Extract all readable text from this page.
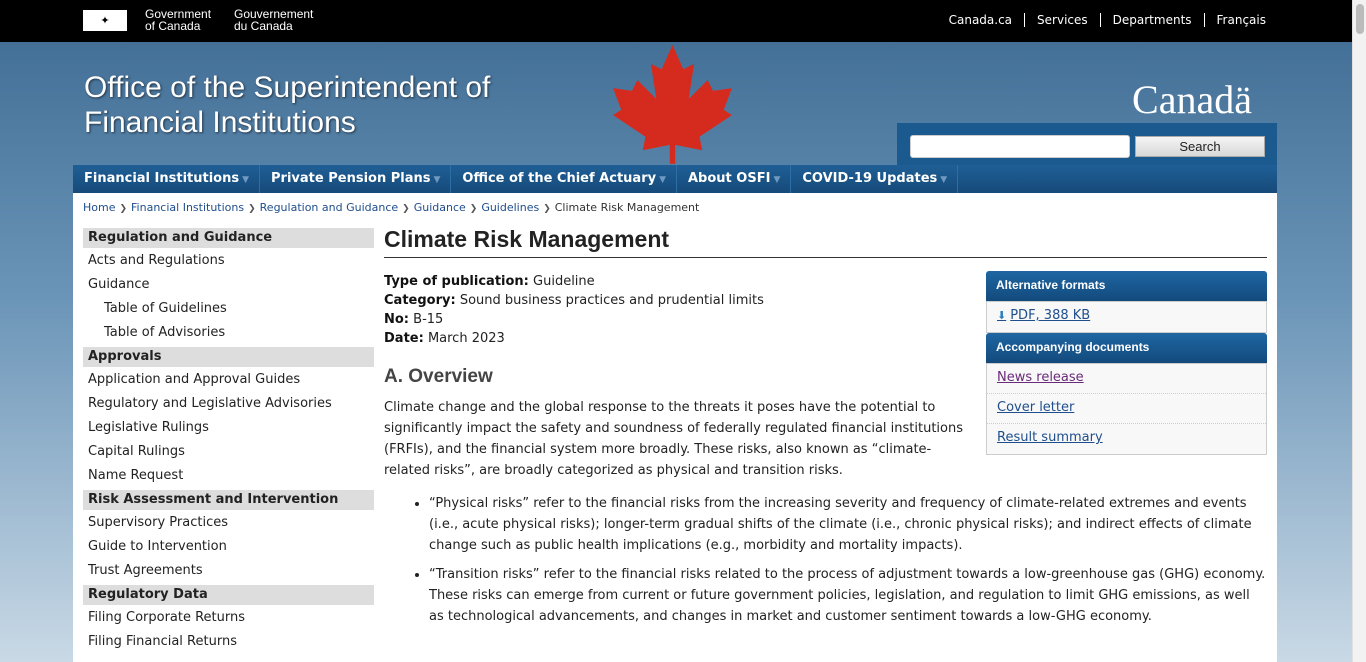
✦	Government
of Canada
Gouvernement
du Canada	Canada.ca	Services	Departments	Français
Office of the Superintendent of
Financial Institutions
Canadä
Search
Financial Institutions ▼	Private Pension Plans ▼	Office of the Chief Actuary ▼	About OSFI ▼	COVID-19 Updates ▼
Home ❯ Financial Institutions ❯ Regulation and Guidance ❯ Guidance ❯ Guidelines ❯ Climate Risk Management
Regulation and Guidance
Acts and Regulations
Guidance
Table of Guidelines
Table of Advisories
Approvals
Application and Approval Guides
Regulatory and Legislative Advisories
Legislative Rulings
Capital Rulings
Name Request
Risk Assessment and Intervention
Supervisory Practices
Guide to Intervention
Trust Agreements
Regulatory Data
Filing Corporate Returns
Filing Financial Returns
Climate Risk Management
Type of publication: Guideline
Category: Sound business practices and prudential limits
No: B-15
Date: March 2023
A. Overview

Climate change and the global response to the threats it poses have the potential to significantly impact the safety and soundness of federally regulated financial institutions (FRFIs), and the financial system more broadly. These risks, also known as “climate-related risks”, are broadly categorized as physical and transition risks.

• “Physical risks” refer to the financial risks from the increasing severity and frequency of climate-related extremes and events (i.e., acute physical risks); longer-term gradual shifts of the climate (i.e., chronic physical risks); and indirect effects of climate change such as public health implications (e.g., morbidity and mortality impacts).
• “Transition risks” refer to the financial risks related to the process of adjustment towards a low-greenhouse gas (GHG) economy. These risks can emerge from current or future government policies, legislation, and regulation to limit GHG emissions, as well as technological advancements, and changes in market and customer sentiment towards a low-GHG economy.
Alternative formats
⬇ PDF, 388 KB
Accompanying documents
News release
Cover letter
Result summary
